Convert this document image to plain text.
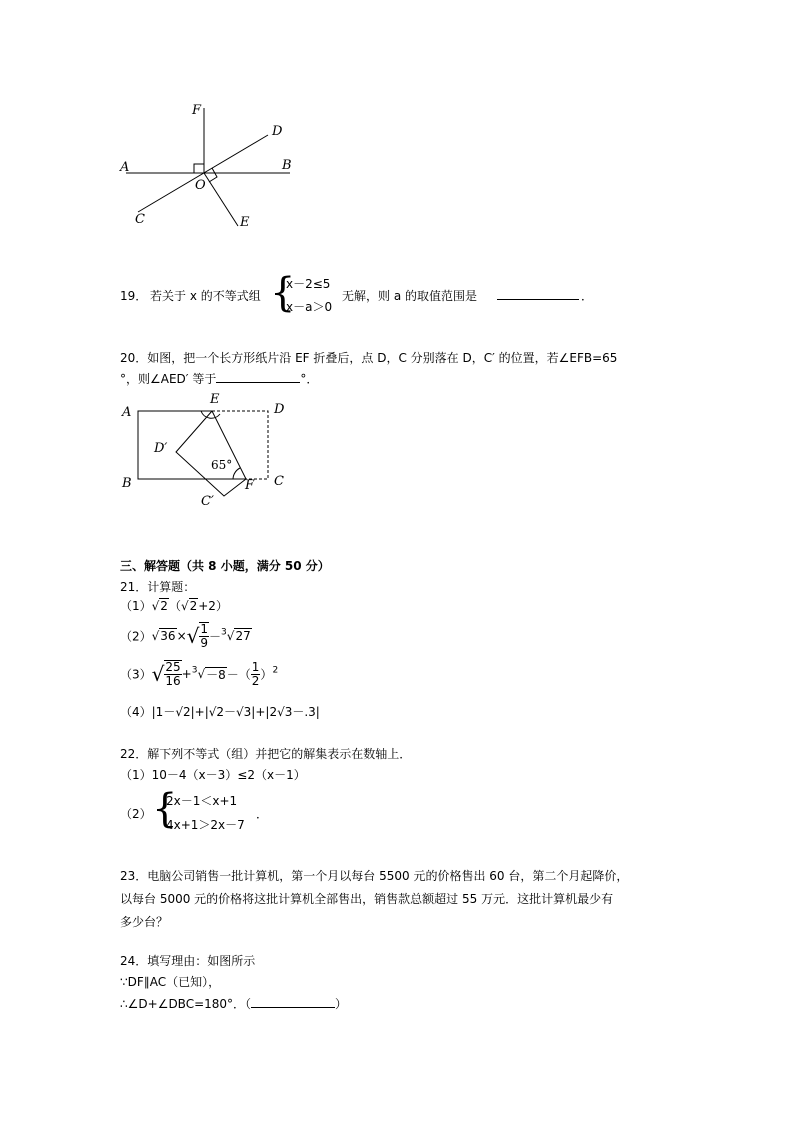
F
D
A	B
O
C	E
19． 若关于 x 的不等式组 {
x－2≤5
x－a＞0
无解，则 a 的取值范围是	．
20．如图，把一个长方形纸片沿 EF 折叠后，点 D，C 分别落在 D，C′ 的位置，若∠EFB=65
°，则∠AED′ 等于	°．
A
E
D
D′
65°
B	F C
C′
三、解答题（共 8 小题，满分 50 分）
21．计算题：
（1）√2（√2+2）
$(2)√36\times√ \frac{1}{9} -^3√27$
$(3)√ \frac{25}{16} +^3√-8-( \frac{1}{2} )^2$
（4）|1－√2|+|√2－√3|+|2√3－.3|
22．解下列不等式（组）并把它的解集表示在数轴上．
（1）10－4（x－3）≤2（x－1）
（2） {
2x－1＜x+1
4x+1＞2x－7
．
23．电脑公司销售一批计算机，第一个月以每台 5500 元的价格售出 60 台，第二个月起降价，
以每台 5000 元的价格将这批计算机全部售出，销售款总额超过 55 万元．这批计算机最少有
多少台？
24．填写理由：如图所示
∵DF∥AC（已知），
∴∠D+∠DBC=180°．（	）
